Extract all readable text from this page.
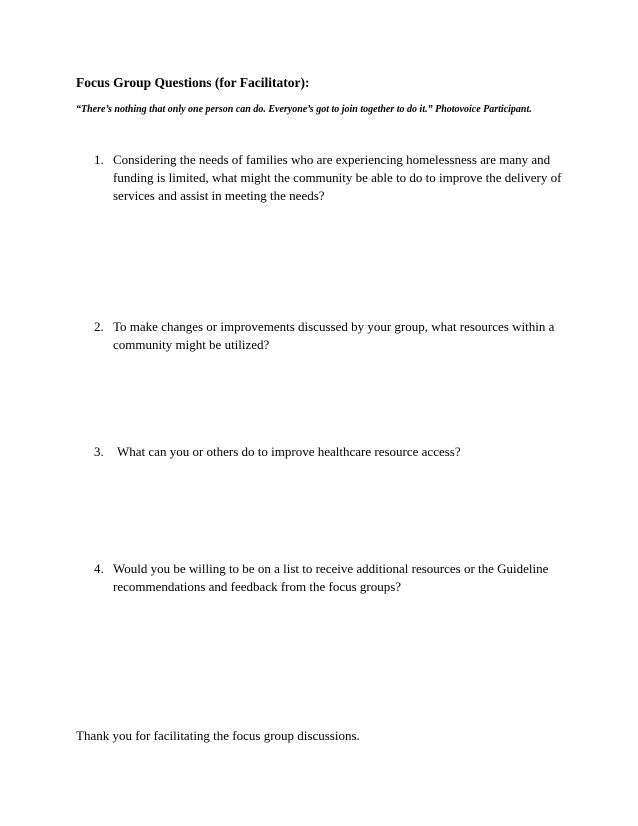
Focus Group Questions (for Facilitator):

“There’s nothing that only one person can do. Everyone’s got to join together to do it.” Photovoice Participant.

1. Considering the needs of families who are experiencing homelessness are many and funding is limited, what might the community be able to do to improve the delivery of services and assist in meeting the needs?
2. To make changes or improvements discussed by your group, what resources within a community might be utilized?
3.	What can you or others do to improve healthcare resource access?
4. Would you be willing to be on a list to receive additional resources or the Guideline recommendations and feedback from the focus groups?

Thank you for facilitating the focus group discussions.
